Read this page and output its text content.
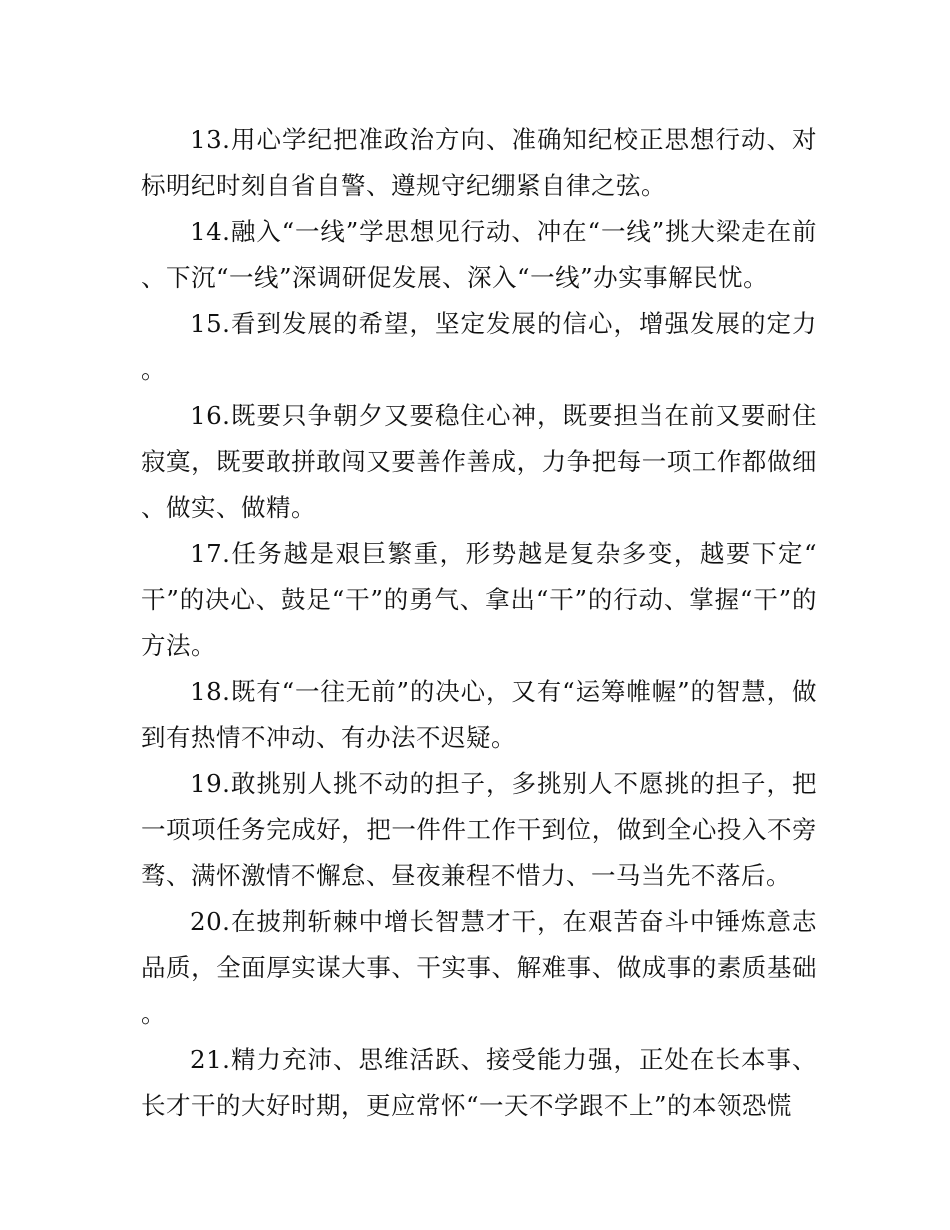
13.用心学纪把准政治方向、准确知纪校正思想行动、对标明纪时刻自省自警、遵规守纪绷紧自律之弦。

14.融入“一线”学思想见行动、冲在“一线”挑大梁走在前、下沉“一线”深调研促发展、深入“一线”办实事解民忧。

15.看到发展的希望，坚定发展的信心，增强发展的定力。

16.既要只争朝夕又要稳住心神，既要担当在前又要耐住寂寞，既要敢拼敢闯又要善作善成，力争把每一项工作都做细、做实、做精。

17.任务越是艰巨繁重，形势越是复杂多变，越要下定“干”的决心、鼓足“干”的勇气、拿出“干”的行动、掌握“干”的方法。

18.既有“一往无前”的决心，又有“运筹帷幄”的智慧，做到有热情不冲动、有办法不迟疑。

19.敢挑别人挑不动的担子，多挑别人不愿挑的担子，把一项项任务完成好，把一件件工作干到位，做到全心投入不旁骛、满怀激情不懈怠、昼夜兼程不惜力、一马当先不落后。

20.在披荆斩棘中增长智慧才干，在艰苦奋斗中锤炼意志品质，全面厚实谋大事、干实事、解难事、做成事的素质基础。

21.精力充沛、思维活跃、接受能力强，正处在长本事、长才干的大好时期，更应常怀“一天不学跟不上”的本领恐慌
